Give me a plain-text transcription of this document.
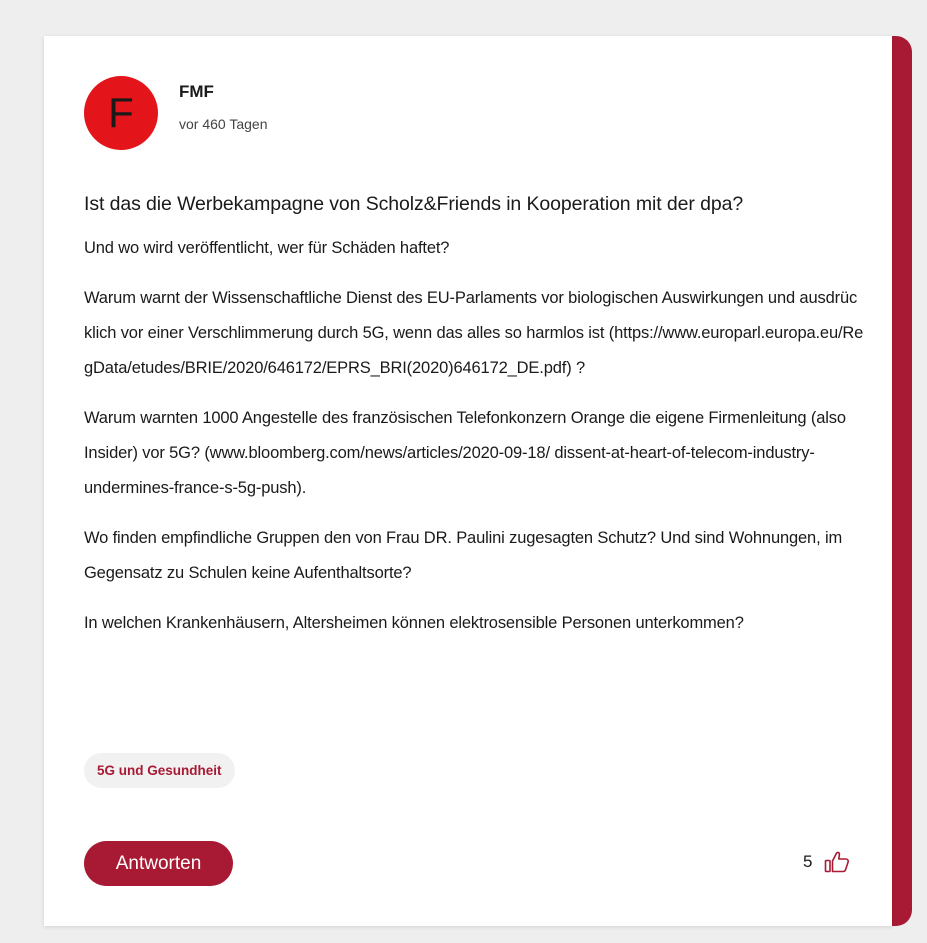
F	FMF
vor 460 Tagen
Ist das die Werbekampagne von Scholz&Friends in Kooperation mit der dpa?

Und wo wird veröffentlicht, wer für Schäden haftet?

Warum warnt der Wissenschaftliche Dienst des EU-Parlaments vor biologischen Auswirkungen und ausdrücklich vor einer Verschlimmerung durch 5G, wenn das alles so harmlos ist (https://www.europarl.europa.eu/RegData/etudes/BRIE/2020/646172/EPRS_BRI(2020)646172_DE.pdf) ?

Warum warnten 1000 Angestelle des französischen Telefonkonzern Orange die eigene Firmenleitung (also Insider) vor 5G? (www.bloomberg.com/news/articles/2020-09-18/ dissent-at-heart-of-telecom-industry-undermines-france-s-5g-push).

Wo finden empfindliche Gruppen den von Frau DR. Paulini zugesagten Schutz? Und sind Wohnungen, im Gegensatz zu Schulen keine Aufenthaltsorte?

In welchen Krankenhäusern, Altersheimen können elektrosensible Personen unterkommen?

5G und Gesundheit
Antworten	5
